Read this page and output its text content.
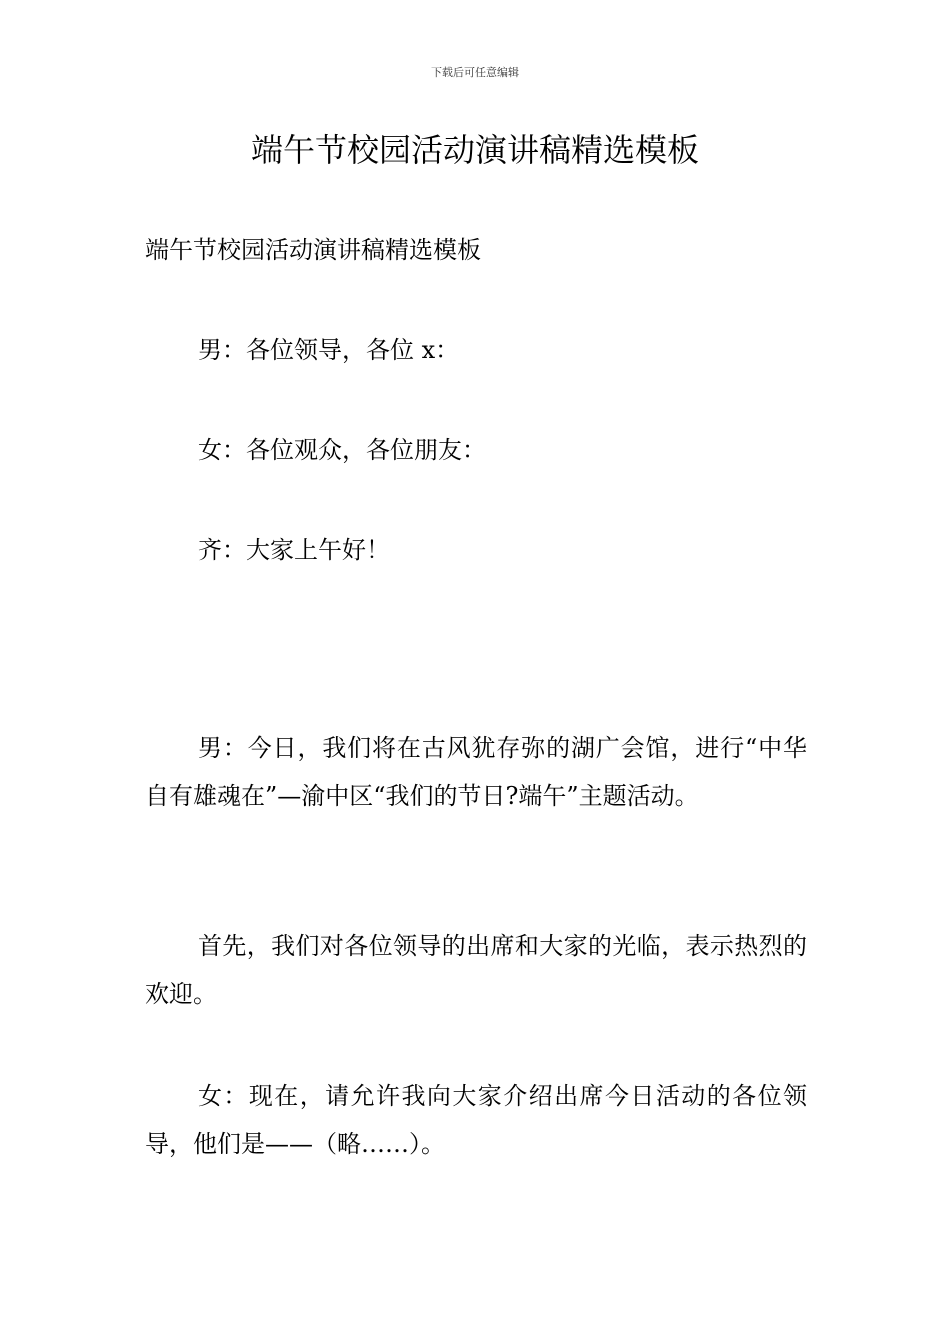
下载后可任意编辑
端午节校园活动演讲稿精选模板

端午节校园活动演讲稿精选模板

男：各位领导，各位 x：

女：各位观众，各位朋友：

齐：大家上午好！

男：今日，我们将在古风犹存弥的湖广会馆，进行“中华自有雄魂在”—渝中区“我们的节日?端午”主题活动。

首先，我们对各位领导的出席和大家的光临，表示热烈的欢迎。

女：现在，请允许我向大家介绍出席今日活动的各位领导，他们是——（略……）。
